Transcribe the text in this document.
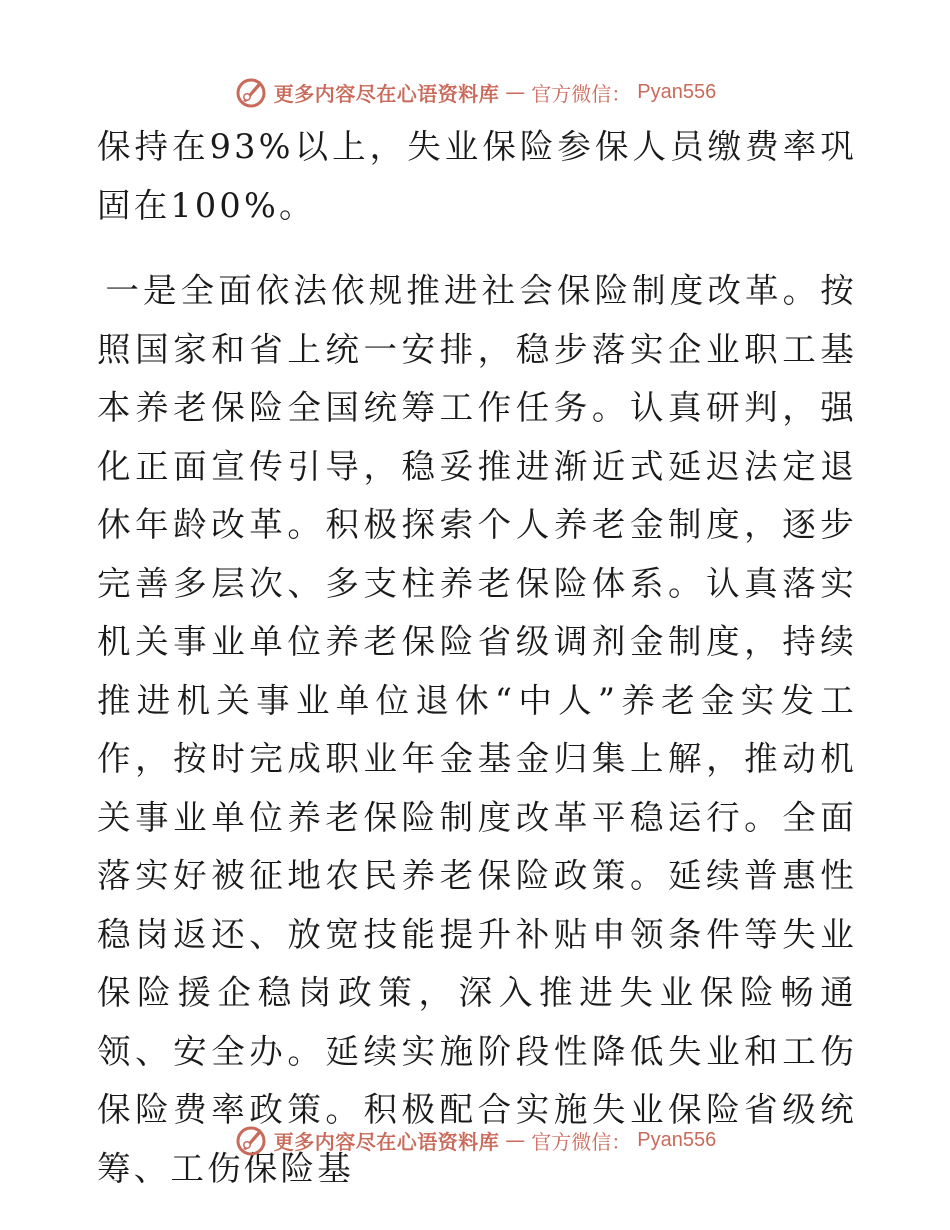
更多内容尽在心语资料库 — 官方微信： Pyan556

保持在93%以上，失业保险参保人员缴费率巩固在100%。

一是全面依法依规推进社会保险制度改革。按照国家和省上统一安排，稳步落实企业职工基本养老保险全国统筹工作任务。认真研判，强化正面宣传引导，稳妥推进渐近式延迟法定退休年龄改革。积极探索个人养老金制度，逐步完善多层次、多支柱养老保险体系。认真落实机关事业单位养老保险省级调剂金制度，持续推进机关事业单位退休“中人”养老金实发工作，按时完成职业年金基金归集上解，推动机关事业单位养老保险制度改革平稳运行。全面落实好被征地农民养老保险政策。延续普惠性稳岗返还、放宽技能提升补贴申领条件等失业保险援企稳岗政策，深入推进失业保险畅通领、安全办。延续实施阶段性降低失业和工伤保险费率政策。积极配合实施失业保险省级统筹、工伤保险基

更多内容尽在心语资料库 — 官方微信： Pyan556
